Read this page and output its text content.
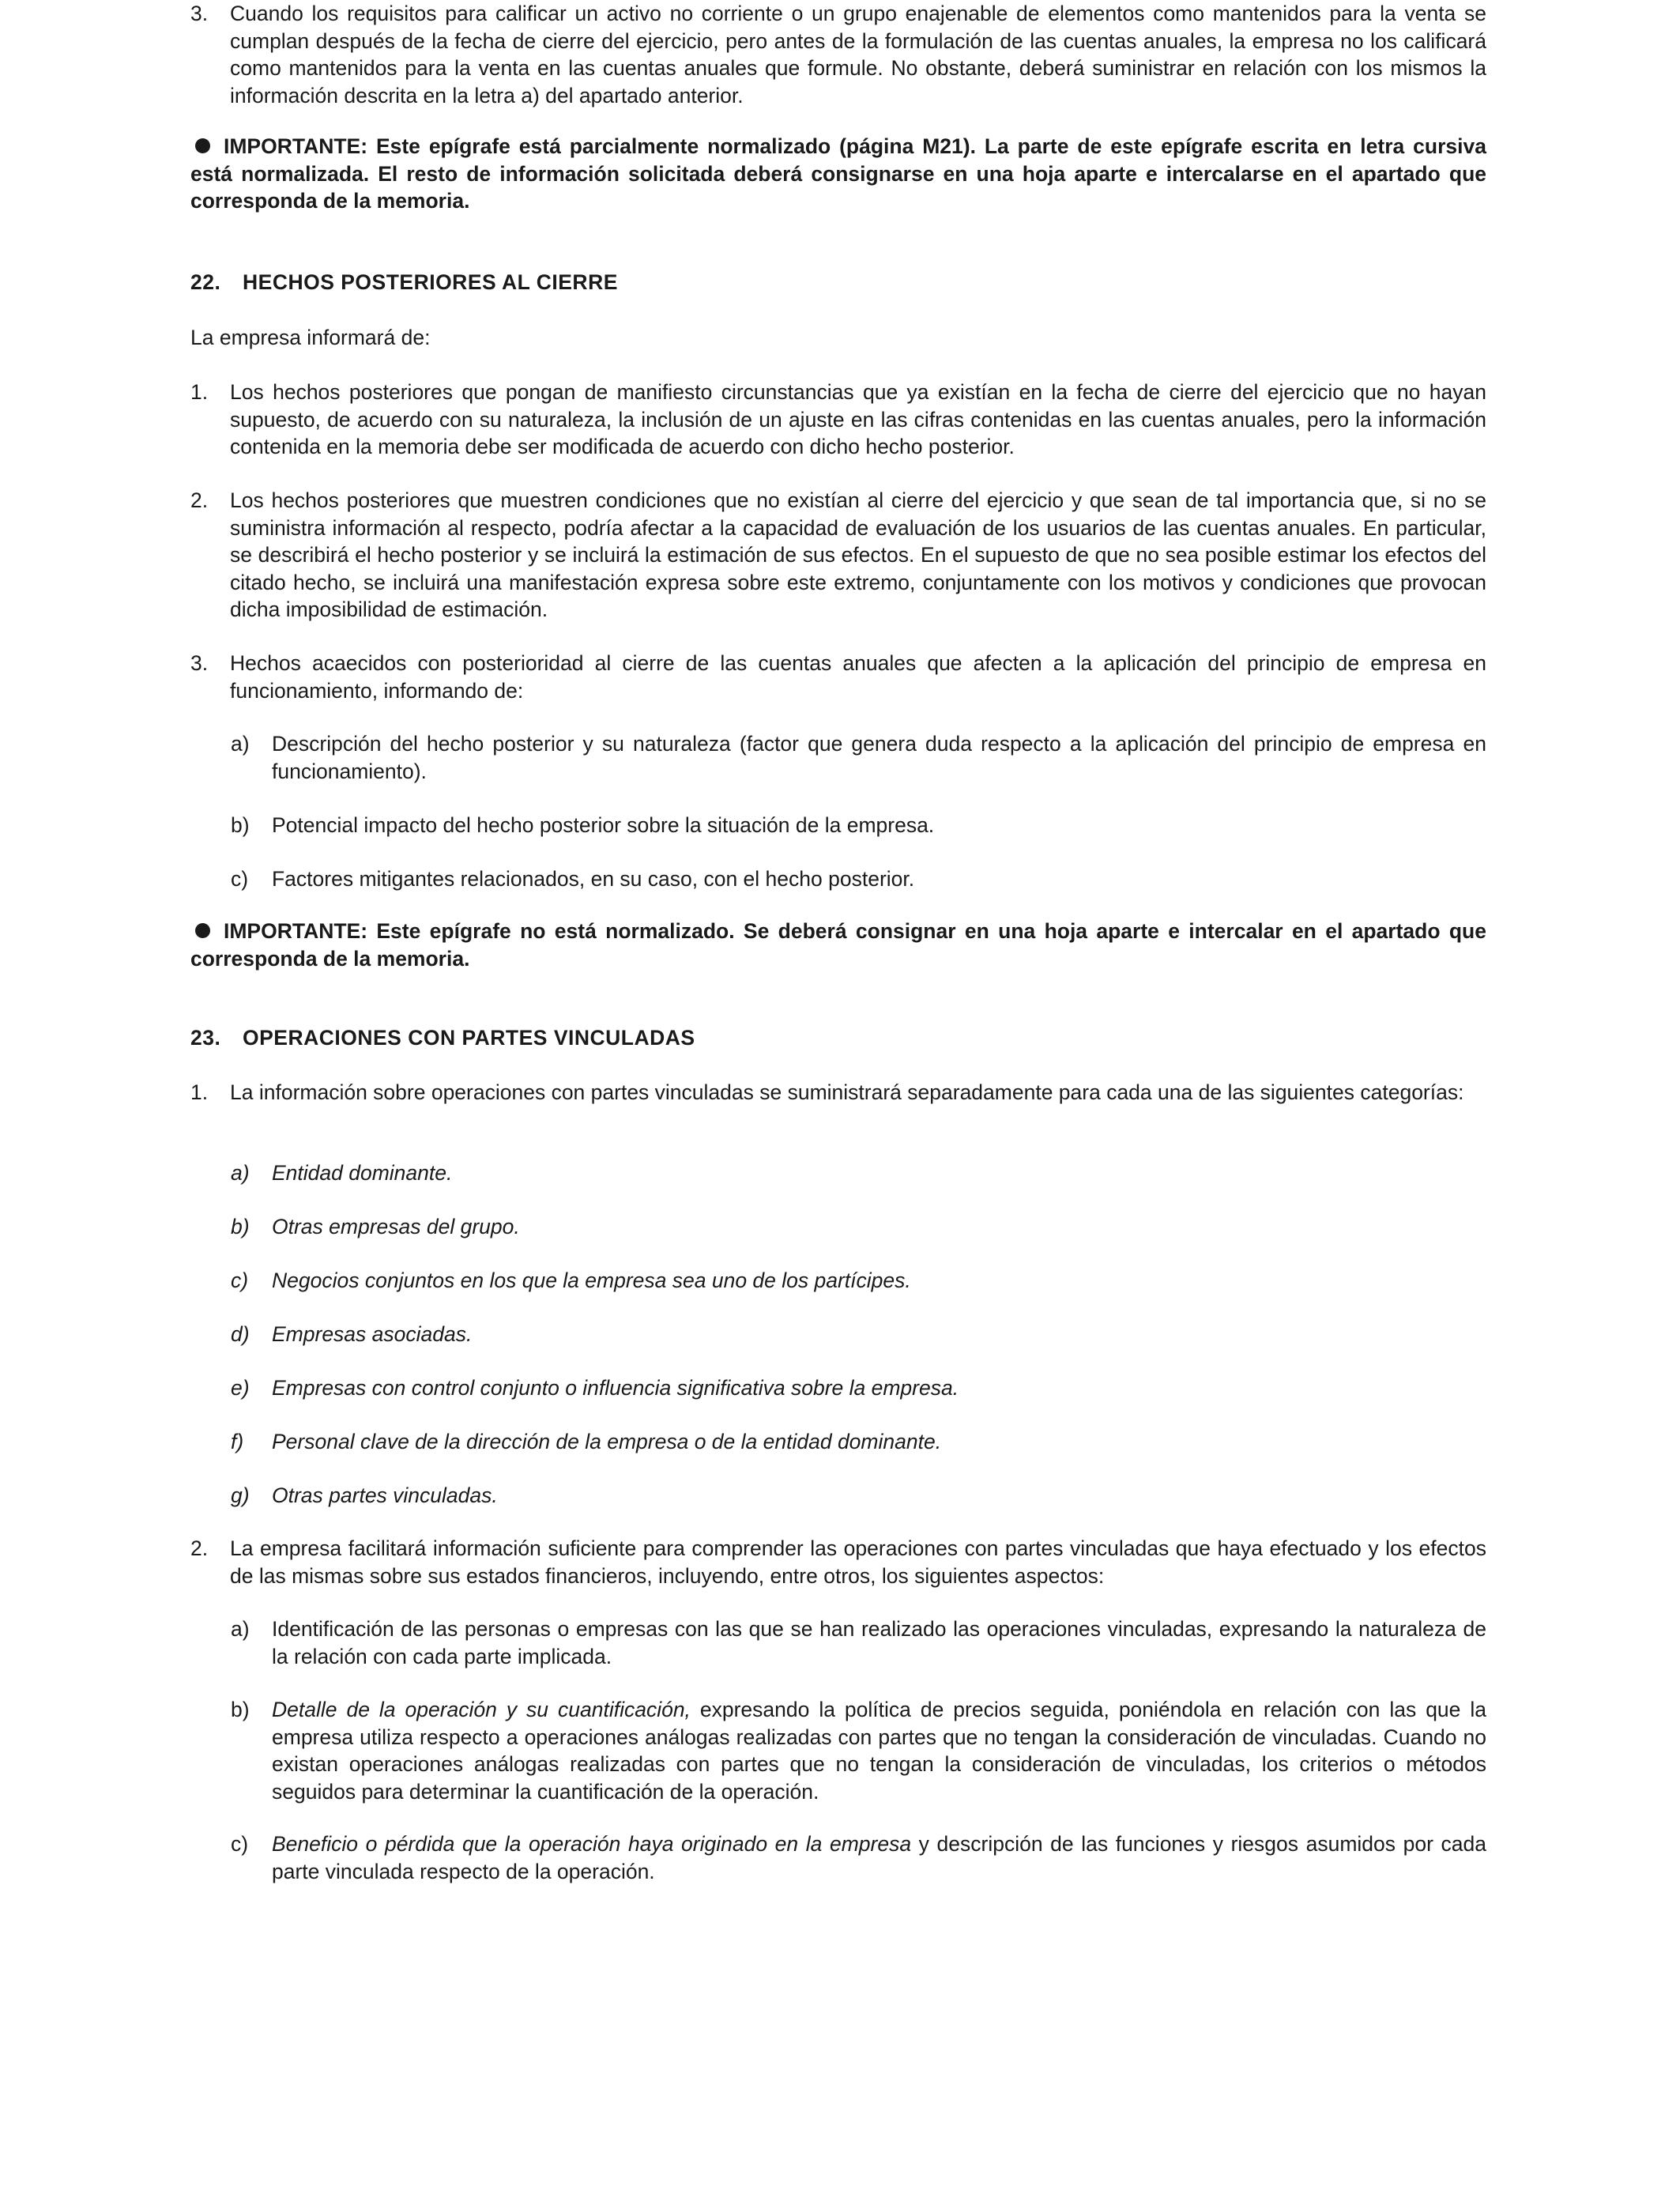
3.	Cuando los requisitos para calificar un activo no corriente o un grupo enajenable de elementos como mantenidos para la venta se cumplan después de la fecha de cierre del ejercicio, pero antes de la formulación de las cuentas anuales, la empresa no los calificará como mantenidos para la venta en las cuentas anuales que formule. No obstante, deberá suministrar en relación con los mismos la información descrita en la letra a) del apartado anterior.
IMPORTANTE: Este epígrafe está parcialmente normalizado (página M21). La parte de este epígrafe escrita en letra cursiva está normalizada. El resto de información solicitada deberá consignarse en una hoja aparte e intercalarse en el apartado que corresponda de la memoria.
22.	HECHOS POSTERIORES AL CIERRE

La empresa informará de:

1.	Los hechos posteriores que pongan de manifiesto circunstancias que ya existían en la fecha de cierre del ejercicio que no hayan supuesto, de acuerdo con su naturaleza, la inclusión de un ajuste en las cifras contenidas en las cuentas anuales, pero la información contenida en la memoria debe ser modificada de acuerdo con dicho hecho posterior.
2.	Los hechos posteriores que muestren condiciones que no existían al cierre del ejercicio y que sean de tal importancia que, si no se suministra información al respecto, podría afectar a la capacidad de evaluación de los usuarios de las cuentas anuales. En particular, se describirá el hecho posterior y se incluirá la estimación de sus efectos. En el supuesto de que no sea posible estimar los efectos del citado hecho, se incluirá una manifestación expresa sobre este extremo, conjuntamente con los motivos y condiciones que provocan dicha imposibilidad de estimación.
3.	Hechos acaecidos con posterioridad al cierre de las cuentas anuales que afecten a la aplicación del principio de empresa en funcionamiento, informando de:
a)	Descripción del hecho posterior y su naturaleza (factor que genera duda respecto a la aplicación del principio de empresa en funcionamiento).
b)	Potencial impacto del hecho posterior sobre la situación de la empresa.
c)	Factores mitigantes relacionados, en su caso, con el hecho posterior.
IMPORTANTE: Este epígrafe no está normalizado. Se deberá consignar en una hoja aparte e intercalar en el apartado que corresponda de la memoria.
23.	OPERACIONES CON PARTES VINCULADAS
1.	La información sobre operaciones con partes vinculadas se suministrará separadamente para cada una de las siguientes categorías:
a)	Entidad dominante.
b)	Otras empresas del grupo.
c)	Negocios conjuntos en los que la empresa sea uno de los partícipes.
d)	Empresas asociadas.
e)	Empresas con control conjunto o influencia significativa sobre la empresa.
f)	Personal clave de la dirección de la empresa o de la entidad dominante.
g)	Otras partes vinculadas.
2.	La empresa facilitará información suficiente para comprender las operaciones con partes vinculadas que haya efectuado y los efectos de las mismas sobre sus estados financieros, incluyendo, entre otros, los siguientes aspectos:
a)	Identificación de las personas o empresas con las que se han realizado las operaciones vinculadas, expresando la naturaleza de la relación con cada parte implicada.
b)	Detalle de la operación y su cuantificación, expresando la política de precios seguida, poniéndola en relación con las que la empresa utiliza respecto a operaciones análogas realizadas con partes que no tengan la consideración de vinculadas. Cuando no existan operaciones análogas realizadas con partes que no tengan la consideración de vinculadas, los criterios o métodos seguidos para determinar la cuantificación de la operación.
c)	Beneficio o pérdida que la operación haya originado en la empresa y descripción de las funciones y riesgos asumidos por cada parte vinculada respecto de la operación.
